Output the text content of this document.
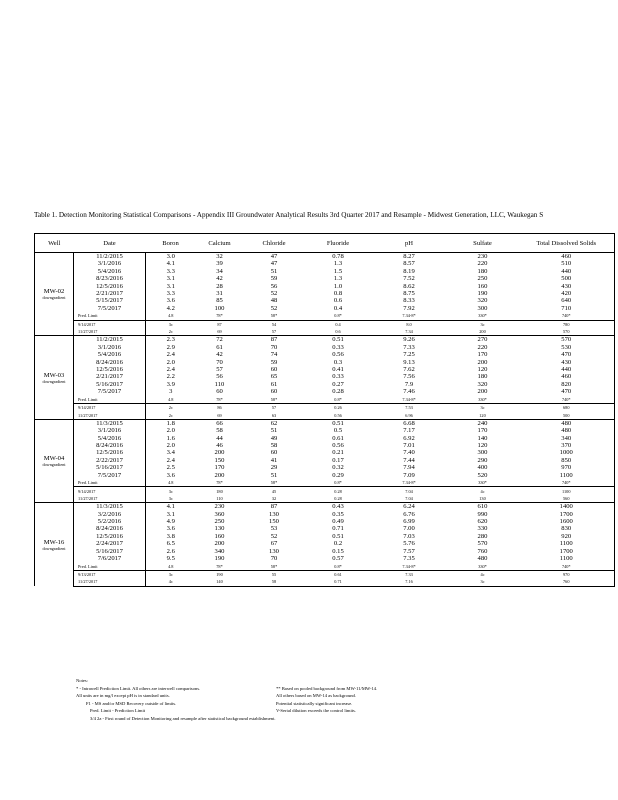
Table 1. Detection Monitoring Statistical Comparisons - Appendix III Groundwater Analytical Results 3rd Quarter 2017 and Resample - Midwest Generation, LLC, Waukegan S
Well	Date	Boron	Calcium	Chloride	Fluoride	pH	Sulfate	Total Dissolved Solids
MW-02
downgradient	11/2/2015	3.0	32	47	0.78	8.27	230	460
	3/1/2016	4.1	39	47	1.3	8.57	220	510
	5/4/2016	3.3	34	51	1.5	8.19	180	440
	8/23/2016	3.1	42	59	1.3	7.52	250	500
	12/5/2016	3.1	28	56	1.0	8.62	160	430
	2/21/2017	3.3	31	52	0.8	8.75	190	420
	5/15/2017	3.6	85	48	0.6	8.33	320	640
	7/5/2017	4.2	100	52	0.4	7.92	300	710
	Pred. Limit	4.8	78*	58*	0.8*	7.34-8*	330*	740*
	9/14/2017	3c	87	54	0.4	8.0	3c	780
	11/27/2017	2c	69	57	0.6	7.34	200	570
MW-03
downgradient	11/2/2015	2.3	72	87	0.51	9.26	270	570
	3/1/2016	2.9	61	70	0.33	7.33	220	530
	5/4/2016	2.4	42	74	0.56	7.25	170	470
	8/24/2016	2.0	70	59	0.3	9.13	200	430
	12/5/2016	2.4	57	60	0.41	7.62	120	440
	2/21/2017	2.2	56	65	0.33	7.56	180	460
	5/16/2017	3.9	110	61	0.27	7.9	320	820
	7/5/2017	3	60	60	0.28	7.46	200	470
	Pred. Limit	4.8	78*	58*	0.8*	7.34-8*	330*	740*
	9/14/2017	2c	86	57	0.26	7.53	3c	680
	11/27/2017	2c	69	63	0.56	6.96	120	500
MW-04
downgradient	11/3/2015	1.8	66	62	0.51	6.68	240	480
	3/1/2016	2.0	58	51	0.5	7.17	170	480
	5/4/2016	1.6	44	49	0.61	6.92	140	340
	8/24/2016	2.0	46	58	0.56	7.01	120	370
	12/5/2016	3.4	200	60	0.21	7.40	300	1000
	2/22/2017	2.4	150	41	0.17	7.44	290	850
	5/16/2017	2.5	170	29	0.32	7.94	400	970
	7/5/2017	3.6	200	51	0.29	7.09	520	1100
	Pred. Limit	4.8	78*	58*	0.8*	7.34-8*	330*	740*
	9/14/2017	3c	180	45	0.28	7.04	4c	1100
	11/27/2017	3c	110	32	0.28	7.04	130	560
MW-16
downgradient	11/3/2015	4.1	230	87	0.43	6.24	610	1400
	3/2/2016	3.1	360	130	0.35	6.76	990	1700
	5/2/2016	4.9	250	150	0.49	6.99	620	1600
	8/24/2016	3.6	130	53	0.71	7.00	330	830
	12/5/2016	3.8	160	52	0.51	7.03	280	920
	2/24/2017	6.5	200	67	0.2	5.76	570	1100
	5/16/2017	2.6	340	130	0.15	7.57	760	1700
	7/6/2017	9.5	190	70	0.57	7.35	480	1100
	Pred. Limit	4.8	78*	58*	0.8*	7.34-8*	330*	740*
	9/13/2017	3c	190	55	0.61	7.33	4c	970
	11/27/2017	4c	140	58	0.71	7.16	3c	760
Notes:
* - Intrawell Prediction Limit. All others are interwell comparisons.	** Based on pooled background from MW-11/MW-14.
All units are in mg/l except pH is in standard units.	All others based on MW-14 as background.
F1 - MS and/or MSD Recovery outside of limits.	Potential statistically significant increase.
Pred. Limit - Prediction Limit	V-Serial dilution exceeds the control limits.
3/4 2a - First round of Detection Monitoring and resample after statistical background establishment.
